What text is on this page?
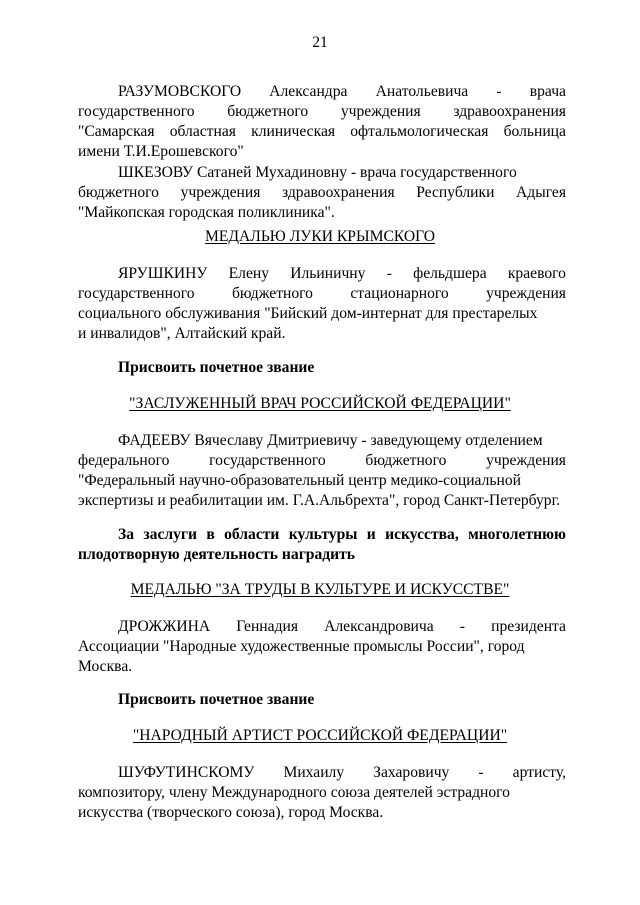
21
РАЗУМОВСКОГО Александра Анатольевича - врача
государственного бюджетного учреждения здравоохранения
"Самарская областная клиническая офтальмологическая больница
имени Т.И.Ерошевского"
ШКЕЗОВУ Сатаней Мухадиновну - врача государственного
бюджетного учреждения здравоохранения Республики Адыгея
"Майкопская городская поликлиника".
МЕДАЛЬЮ ЛУКИ КРЫМСКОГО
ЯРУШКИНУ Елену Ильиничну - фельдшера краевого
государственного бюджетного стационарного учреждения
социального обслуживания "Бийский дом-интернат для престарелых
и инвалидов", Алтайский край.
Присвоить почетное звание
"ЗАСЛУЖЕННЫЙ ВРАЧ РОССИЙСКОЙ ФЕДЕРАЦИИ"
ФАДЕЕВУ Вячеславу Дмитриевичу - заведующему отделением
федерального	государственного	бюджетного	учреждения
"Федеральный научно-образовательный центр медико-социальной
экспертизы и реабилитации им. Г.А.Альбрехта", город Санкт-Петербург.
За заслуги в области культуры и искусства, многолетнюю
плодотворную деятельность наградить
МЕДАЛЬЮ "ЗА ТРУДЫ В КУЛЬТУРЕ И ИСКУССТВЕ"
ДРОЖЖИНА Геннадия Александровича - президента
Ассоциации "Народные художественные промыслы России", город
Москва.
Присвоить почетное звание
"НАРОДНЫЙ АРТИСТ РОССИЙСКОЙ ФЕДЕРАЦИИ"
ШУФУТИНСКОМУ Михаилу Захаровичу - артисту,
композитору, члену Международного союза деятелей эстрадного
искусства (творческого союза), город Москва.
